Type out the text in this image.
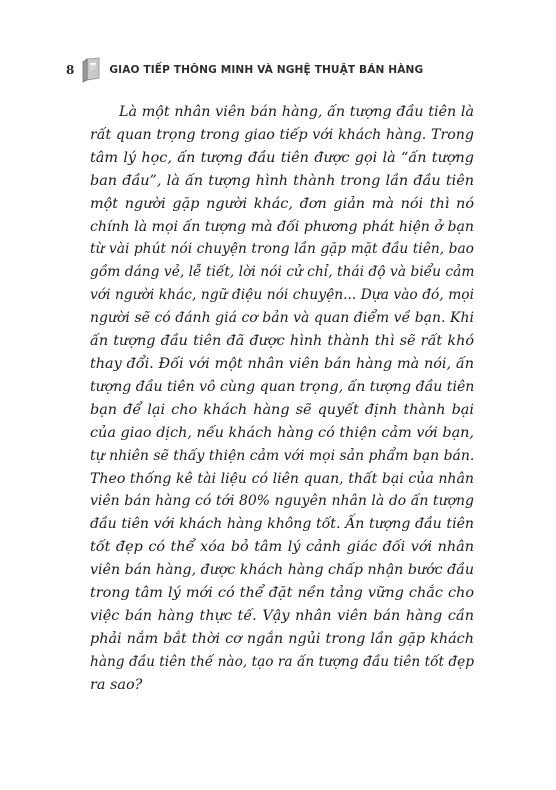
8	GIAO TIẾP THÔNG MINH VÀ NGHỆ THUẬT BÁN HÀNG
Là một nhân viên bán hàng, ấn tượng đầu tiên là
rất quan trọng trong giao tiếp với khách hàng. Trong
tâm lý học, ấn tượng đầu tiên được gọi là “ấn tượng
ban đầu”, là ấn tượng hình thành trong lần đầu tiên
một người gặp người khác, đơn giản mà nói thì nó
chính là mọi ấn tượng mà đối phương phát hiện ở bạn
từ vài phút nói chuyện trong lần gặp mặt đầu tiên, bao
gồm dáng vẻ, lễ tiết, lời nói cử chỉ, thái độ và biểu cảm
với người khác, ngữ điệu nói chuyện... Dựa vào đó, mọi
người sẽ có đánh giá cơ bản và quan điểm về bạn. Khi
ấn tượng đầu tiên đã được hình thành thì sẽ rất khó
thay đổi. Đối với một nhân viên bán hàng mà nói, ấn
tượng đầu tiên vô cùng quan trọng, ấn tượng đầu tiên
bạn để lại cho khách hàng sẽ quyết định thành bại
của giao dịch, nếu khách hàng có thiện cảm với bạn,
tự nhiên sẽ thấy thiện cảm với mọi sản phẩm bạn bán.
Theo thống kê tài liệu có liên quan, thất bại của nhân
viên bán hàng có tới 80% nguyên nhân là do ấn tượng
đầu tiên với khách hàng không tốt. Ấn tượng đầu tiên
tốt đẹp có thể xóa bỏ tâm lý cảnh giác đối với nhân
viên bán hàng, được khách hàng chấp nhận bước đầu
trong tâm lý mới có thể đặt nền tảng vững chắc cho
việc bán hàng thực tế. Vậy nhân viên bán hàng cần
phải nắm bắt thời cơ ngắn ngủi trong lần gặp khách
hàng đầu tiên thế nào, tạo ra ấn tượng đầu tiên tốt đẹp
ra sao?
